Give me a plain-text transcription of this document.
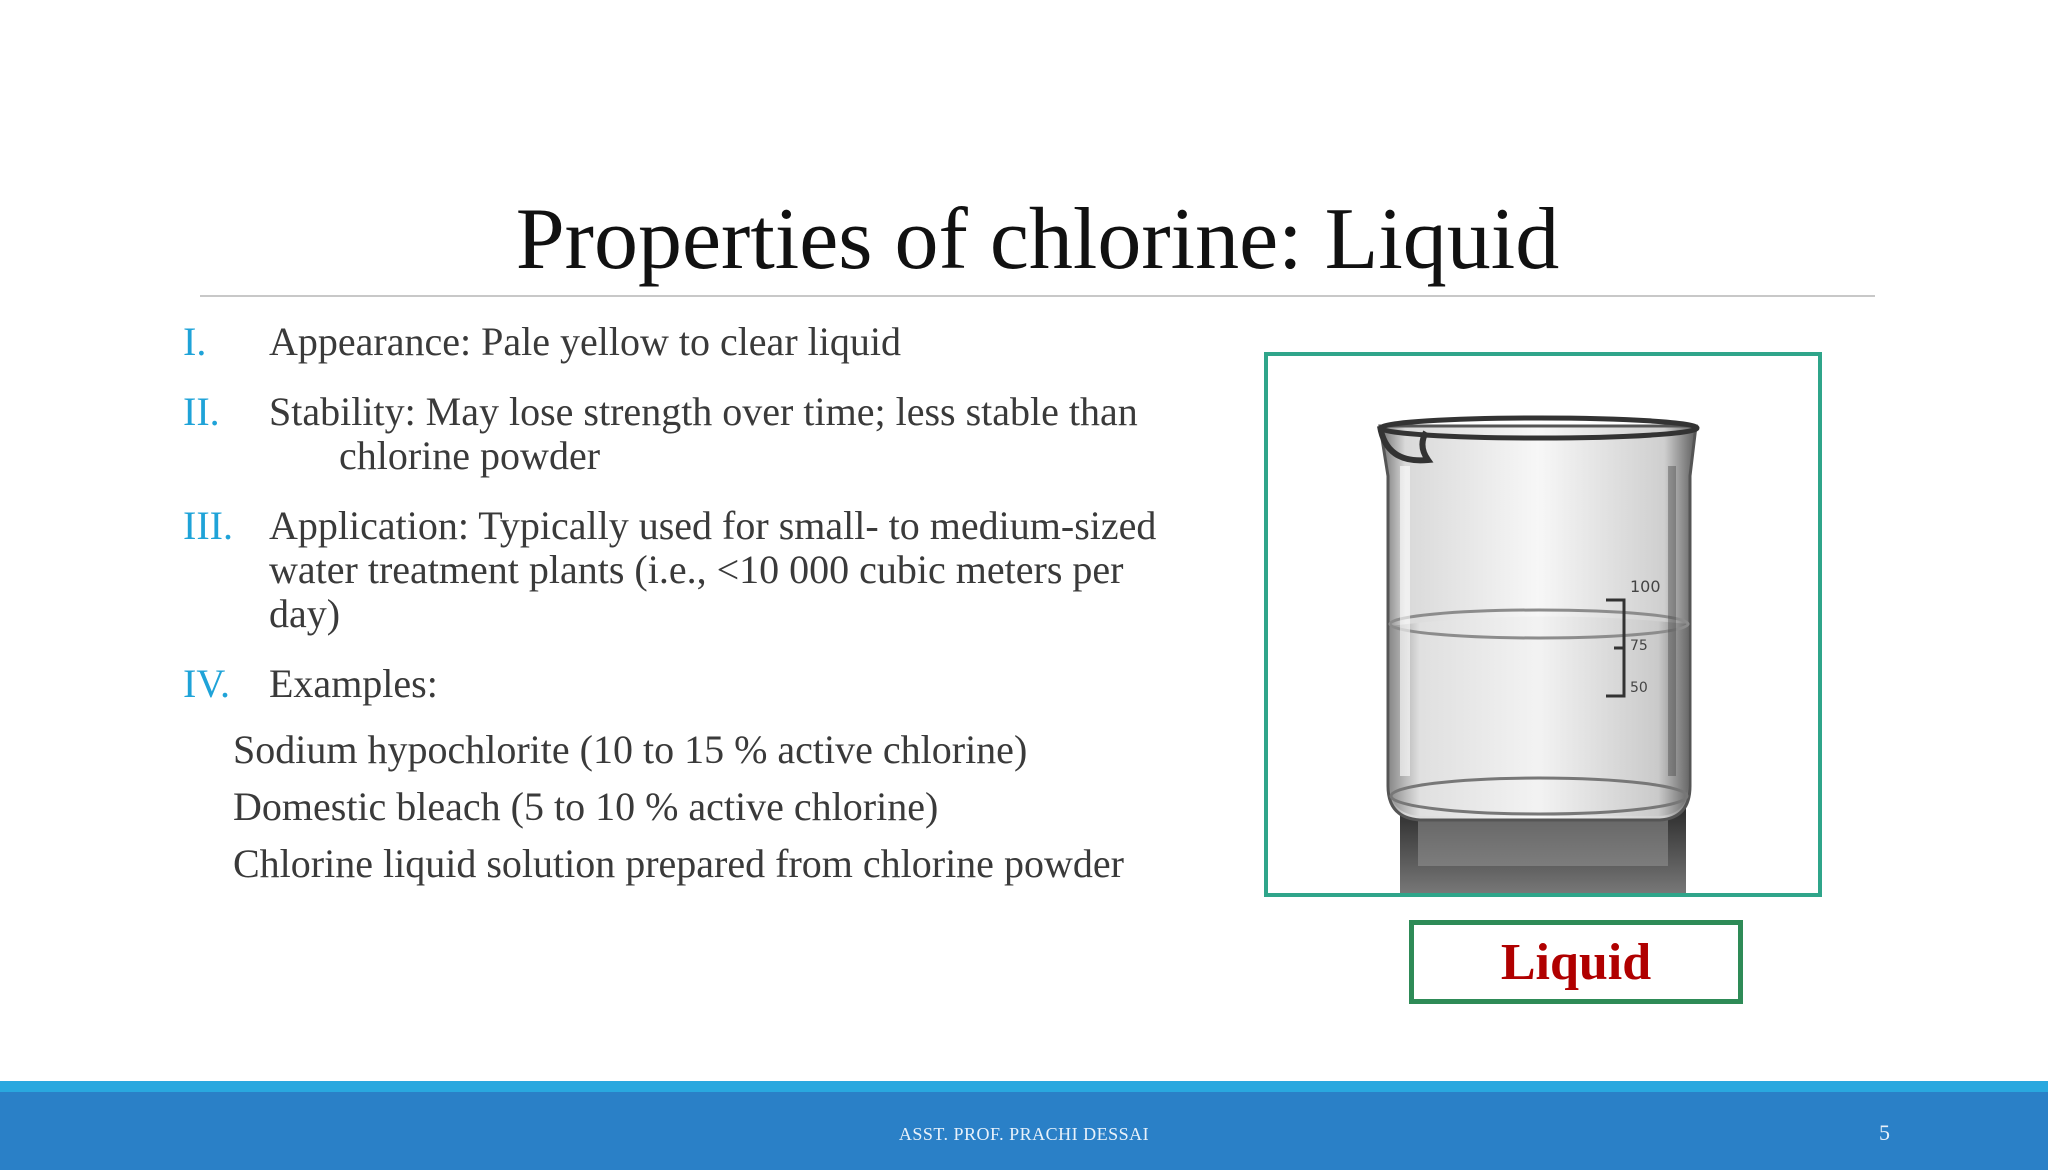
Properties of chlorine: Liquid
I. Appearance: Pale yellow to clear liquid
II. Stability: May lose strength over time; less stable than
chlorine powder
III. Application: Typically used for small- to medium-sized
water treatment plants (i.e., <10 000 cubic meters per
day)
IV. Examples:
Sodium hypochlorite (10 to 15 % active chlorine)
Domestic bleach (5 to 10 % active chlorine)
Chlorine liquid solution prepared from chlorine powder
100
75
50
Liquid
ASST. PROF. PRACHI DESSAI	5
